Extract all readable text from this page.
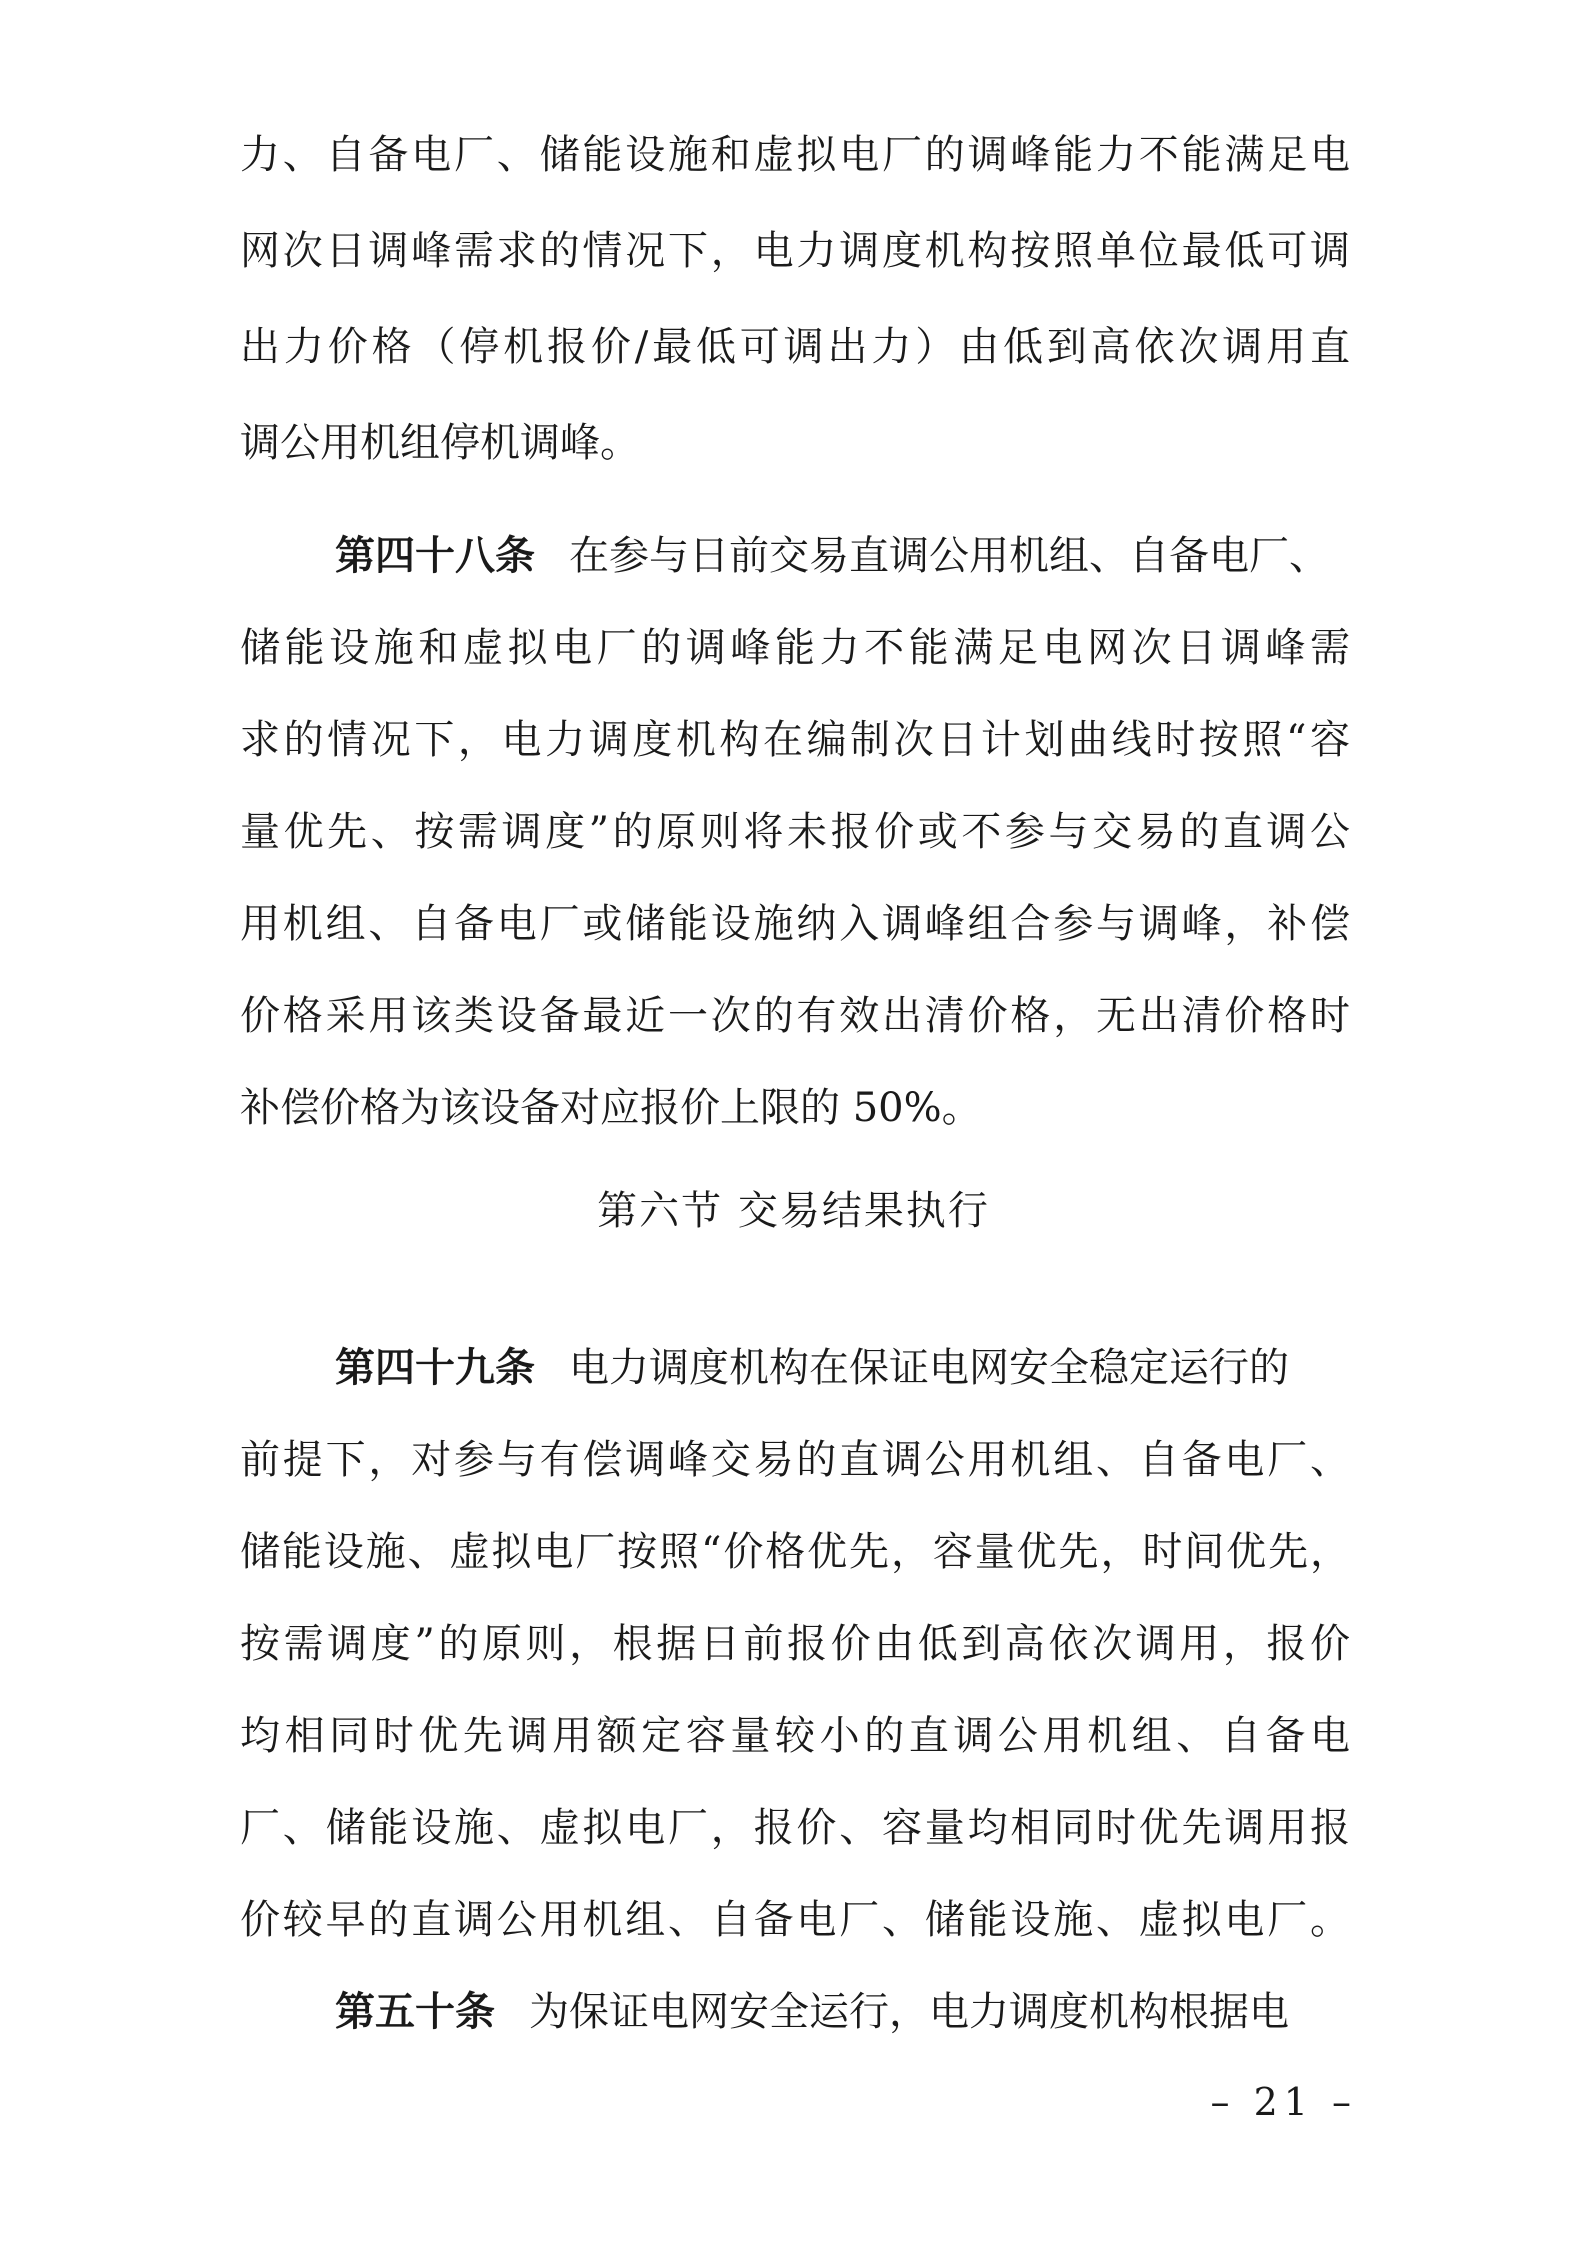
力、自备电厂、储能设施和虚拟电厂的调峰能力不能满足电
网次日调峰需求的情况下，电力调度机构按照单位最低可调
出力价格（停机报价/最低可调出力）由低到高依次调用直
调公用机组停机调峰。
第四十八条 在参与日前交易直调公用机组、自备电厂、
储能设施和虚拟电厂的调峰能力不能满足电网次日调峰需
求的情况下，电力调度机构在编制次日计划曲线时按照“容
量优先、按需调度”的原则将未报价或不参与交易的直调公
用机组、自备电厂或储能设施纳入调峰组合参与调峰，补偿
价格采用该类设备最近一次的有效出清价格，无出清价格时
补偿价格为该设备对应报价上限的 50%。
第六节 交易结果执行
第四十九条 电力调度机构在保证电网安全稳定运行的
前提下，对参与有偿调峰交易的直调公用机组、自备电厂、
储能设施、虚拟电厂按照“价格优先，容量优先，时间优先，
按需调度”的原则，根据日前报价由低到高依次调用，报价
均相同时优先调用额定容量较小的直调公用机组、自备电
厂、储能设施、虚拟电厂，报价、容量均相同时优先调用报
价较早的直调公用机组、自备电厂、储能设施、虚拟电厂。
第五十条 为保证电网安全运行，电力调度机构根据电
– 21 –
